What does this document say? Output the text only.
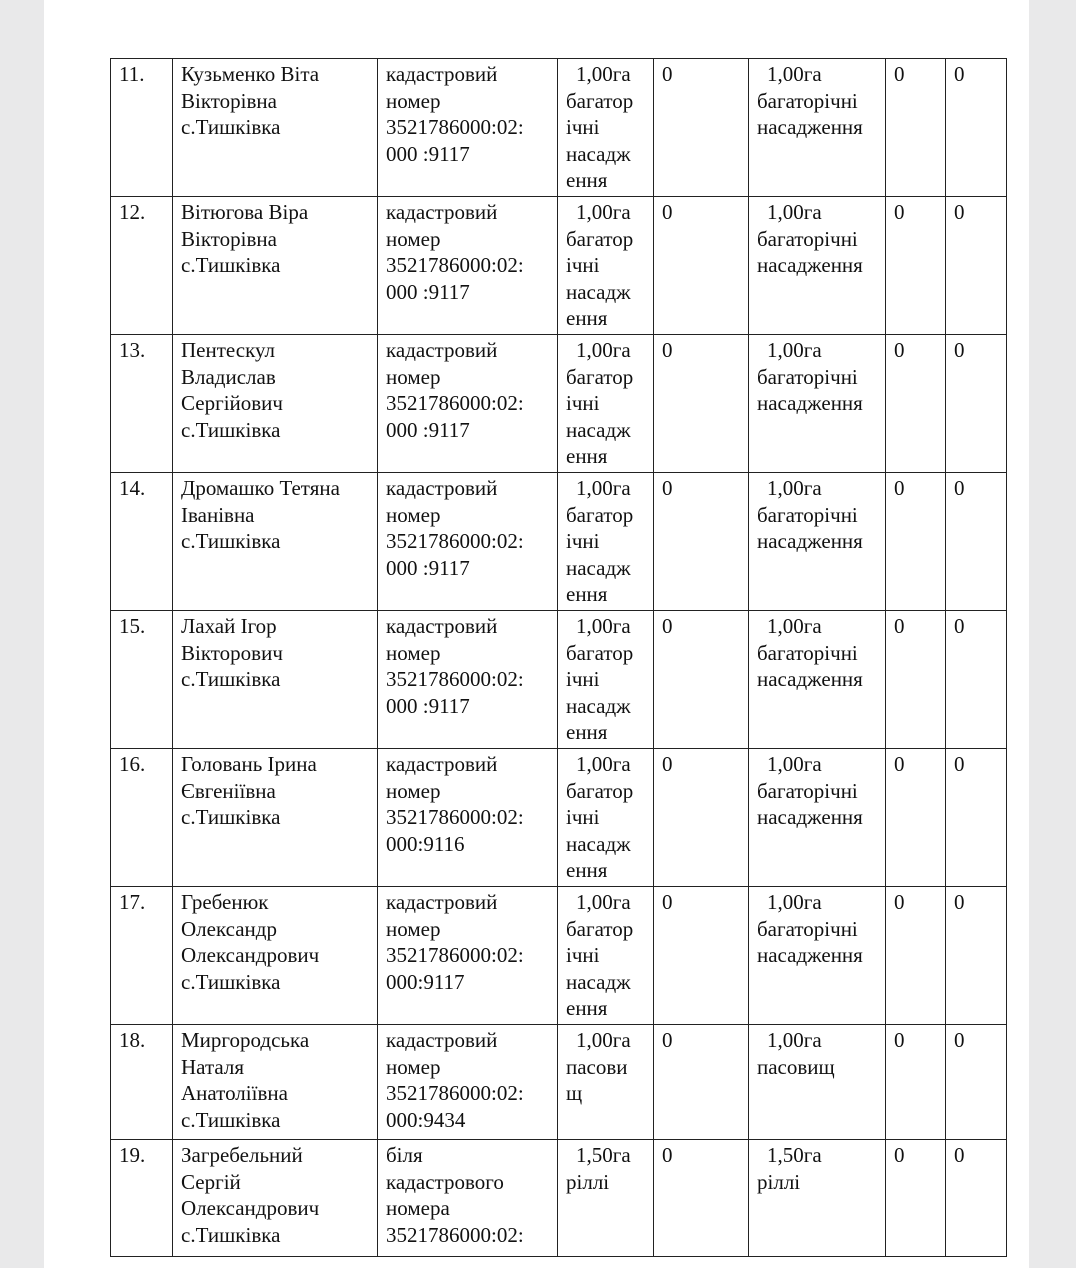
11.	Кузьменко Віта
Вікторівна
с.Тишківка	кадастровий
номер
3521786000:02:
000 :9117	1,00га
багатор
ічні
насадж
ення	0	1,00га
багаторічні
насадження	0	0

12.	Вітюгова Віра
Вікторівна
с.Тишківка	кадастровий
номер
3521786000:02:
000 :9117	1,00га
багатор
ічні
насадж
ення	0	1,00га
багаторічні
насадження	0	0

13.	Пентескул
Владислав
Сергійович
с.Тишківка	кадастровий
номер
3521786000:02:
000 :9117	1,00га
багатор
ічні
насадж
ення	0	1,00га
багаторічні
насадження	0	0

14.	Дромашко Тетяна
Іванівна
с.Тишківка	кадастровий
номер
3521786000:02:
000 :9117	1,00га
багатор
ічні
насадж
ення	0	1,00га
багаторічні
насадження	0	0

15.	Лахай Ігор
Вікторович
с.Тишківка	кадастровий
номер
3521786000:02:
000 :9117	1,00га
багатор
ічні
насадж
ення	0	1,00га
багаторічні
насадження	0	0

16.	Головань Ірина
Євгеніївна
с.Тишківка	кадастровий
номер
3521786000:02:
000:9116	1,00га
багатор
ічні
насадж
ення	0	1,00га
багаторічні
насадження	0	0

17.	Гребенюк
Олександр
Олександрович
с.Тишківка	кадастровий
номер
3521786000:02:
000:9117	1,00га
багатор
ічні
насадж
ення	0	1,00га
багаторічні
насадження	0	0

18.	Миргородська
Наталя
Анатоліївна
с.Тишківка	кадастровий
номер
3521786000:02:
000:9434	1,00га
пасови
щ	0	1,00га
пасовищ	0	0

19.	Загребельний
Сергій
Олександрович
с.Тишківка	біля
кадастрового
номера
3521786000:02:	1,50га
ріллі	0	1,50га
ріллі	0	0
